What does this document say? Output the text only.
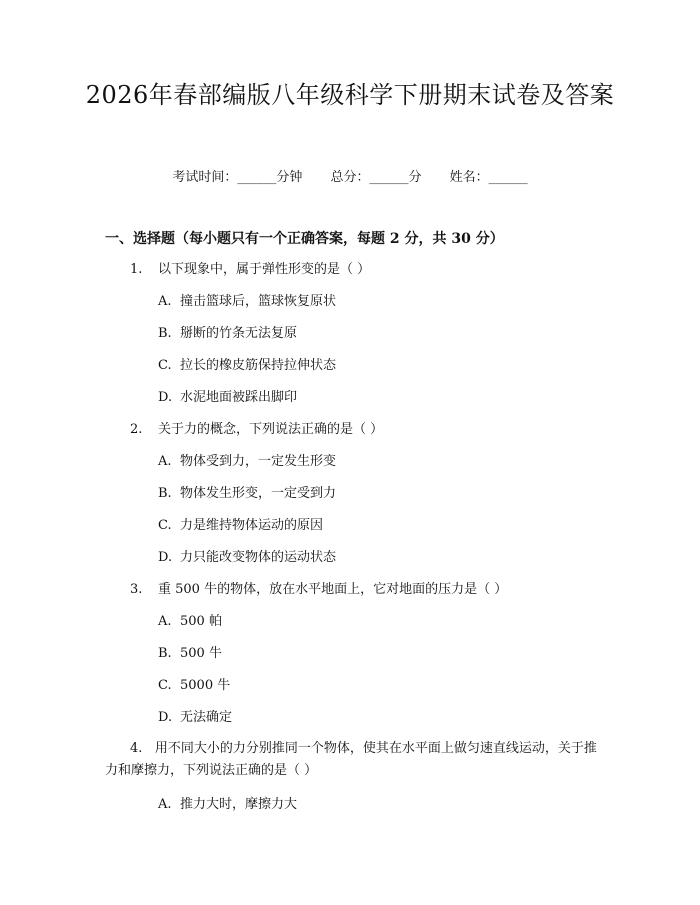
2026年春部编版八年级科学下册期末试卷及答案
考试时间：______分钟 总分：______分 姓名：______
一、选择题（每小题只有一个正确答案，每题 2 分，共 30 分）
1. 以下现象中，属于弹性形变的是（ ）
A. 撞击篮球后，篮球恢复原状
B. 掰断的竹条无法复原
C. 拉长的橡皮筋保持拉伸状态
D. 水泥地面被踩出脚印
2. 关于力的概念，下列说法正确的是（ ）
A. 物体受到力，一定发生形变
B. 物体发生形变，一定受到力
C. 力是维持物体运动的原因
D. 力只能改变物体的运动状态
3. 重 500 牛的物体，放在水平地面上，它对地面的压力是（ ）
A. 500 帕
B. 500 牛
C. 5000 牛
D. 无法确定
4. 用不同大小的力分别推同一个物体，使其在水平面上做匀速直线运动，关于推力和摩擦力，下列说法正确的是（ ）
A. 推力大时，摩擦力大
